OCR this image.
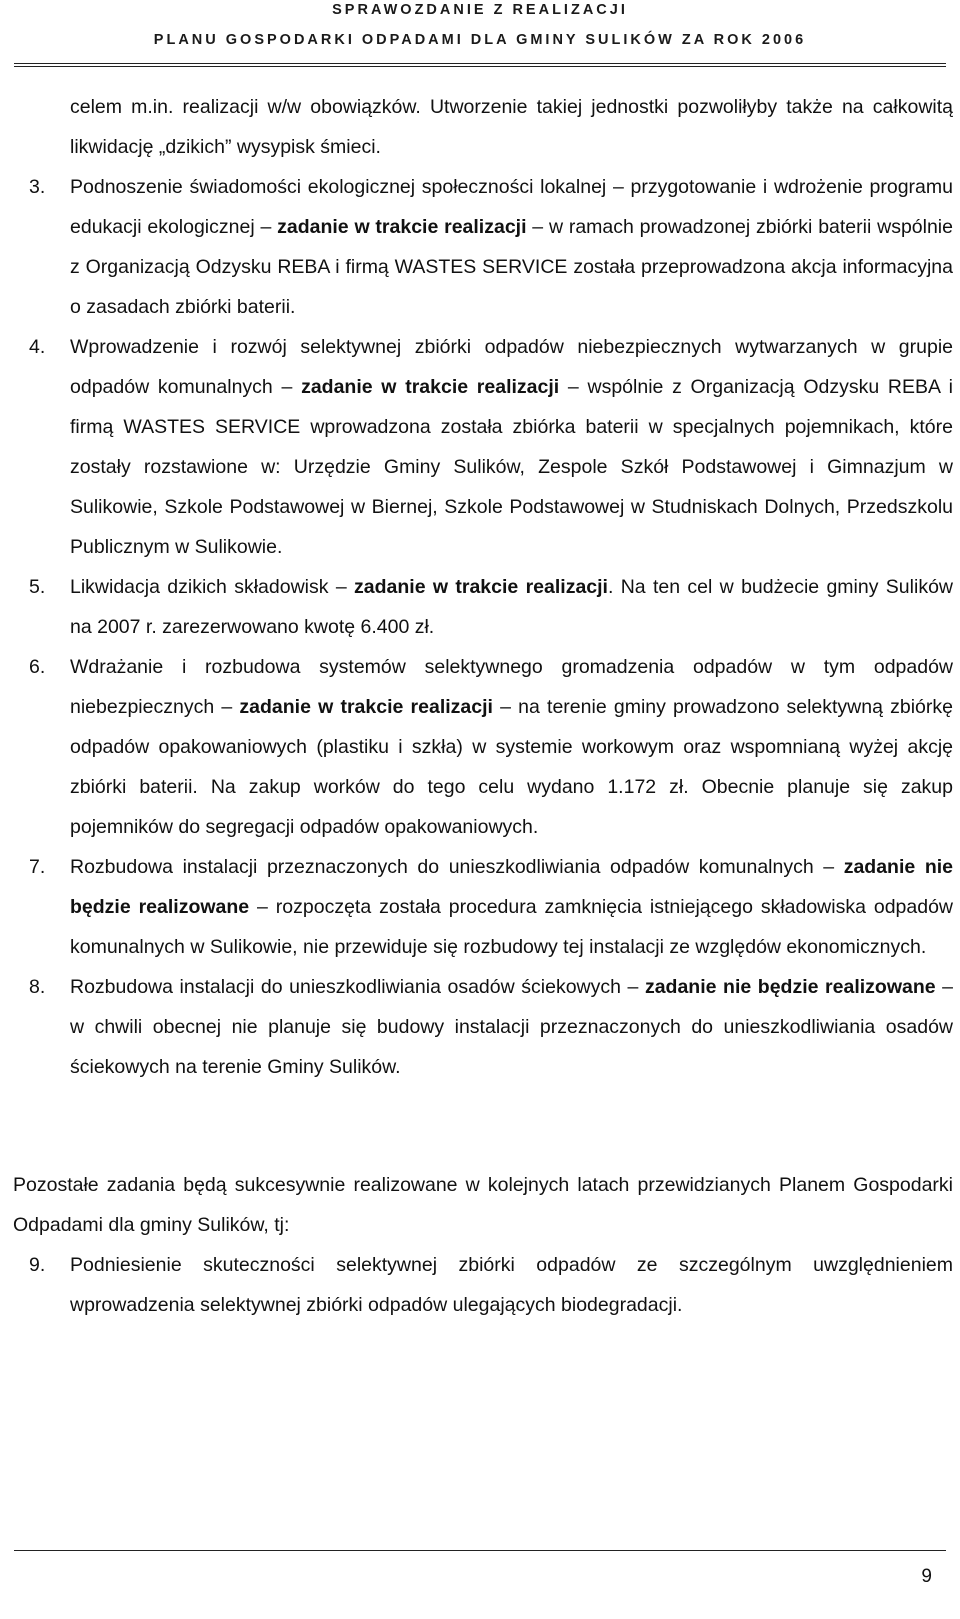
SPRAWOZDANIE Z REALIZACJI
PLANU GOSPODARKI ODPADAMI DLA GMINY SULIKÓW ZA ROK 2006
celem m.in. realizacji w/w obowiązków. Utworzenie takiej jednostki pozwoliłyby także na całkowitą likwidację „dzikich” wysypisk śmieci.
3.	Podnoszenie świadomości ekologicznej społeczności lokalnej – przygotowanie i wdrożenie programu edukacji ekologicznej – zadanie w trakcie realizacji – w ramach prowadzonej zbiórki baterii wspólnie z Organizacją Odzysku REBA i firmą WASTES SERVICE została przeprowadzona akcja informacyjna o zasadach zbiórki baterii.
4.	Wprowadzenie i rozwój selektywnej zbiórki odpadów niebezpiecznych wytwarzanych w grupie odpadów komunalnych – zadanie w trakcie realizacji – wspólnie z Organizacją Odzysku REBA i firmą WASTES SERVICE wprowadzona została zbiórka baterii w specjalnych pojemnikach, które zostały rozstawione w: Urzędzie Gminy Sulików, Zespole Szkół Podstawowej i Gimnazjum w Sulikowie, Szkole Podstawowej w Biernej, Szkole Podstawowej w Studniskach Dolnych, Przedszkolu Publicznym w Sulikowie.
5.	Likwidacja dzikich składowisk – zadanie w trakcie realizacji. Na ten cel w budżecie gminy Sulików na 2007 r. zarezerwowano kwotę 6.400 zł.
6.	Wdrażanie i rozbudowa systemów selektywnego gromadzenia odpadów w tym odpadów niebezpiecznych – zadanie w trakcie realizacji – na terenie gminy prowadzono selektywną zbiórkę odpadów opakowaniowych (plastiku i szkła) w systemie workowym oraz wspomnianą wyżej akcję zbiórki baterii. Na zakup worków do tego celu wydano 1.172 zł. Obecnie planuje się zakup pojemników do segregacji odpadów opakowaniowych.
7.	Rozbudowa instalacji przeznaczonych do unieszkodliwiania odpadów komunalnych – zadanie nie będzie realizowane – rozpoczęta została procedura zamknięcia istniejącego składowiska odpadów komunalnych w Sulikowie, nie przewiduje się rozbudowy tej instalacji ze względów ekonomicznych.
8.	Rozbudowa instalacji do unieszkodliwiania osadów ściekowych – zadanie nie będzie realizowane – w chwili obecnej nie planuje się budowy instalacji przeznaczonych do unieszkodliwiania osadów ściekowych na terenie Gminy Sulików.
Pozostałe zadania będą sukcesywnie realizowane w kolejnych latach przewidzianych Planem Gospodarki Odpadami dla gminy Sulików, tj:
9.	Podniesienie skuteczności selektywnej zbiórki odpadów ze szczególnym uwzględnieniem wprowadzenia selektywnej zbiórki odpadów ulegających biodegradacji.
9
